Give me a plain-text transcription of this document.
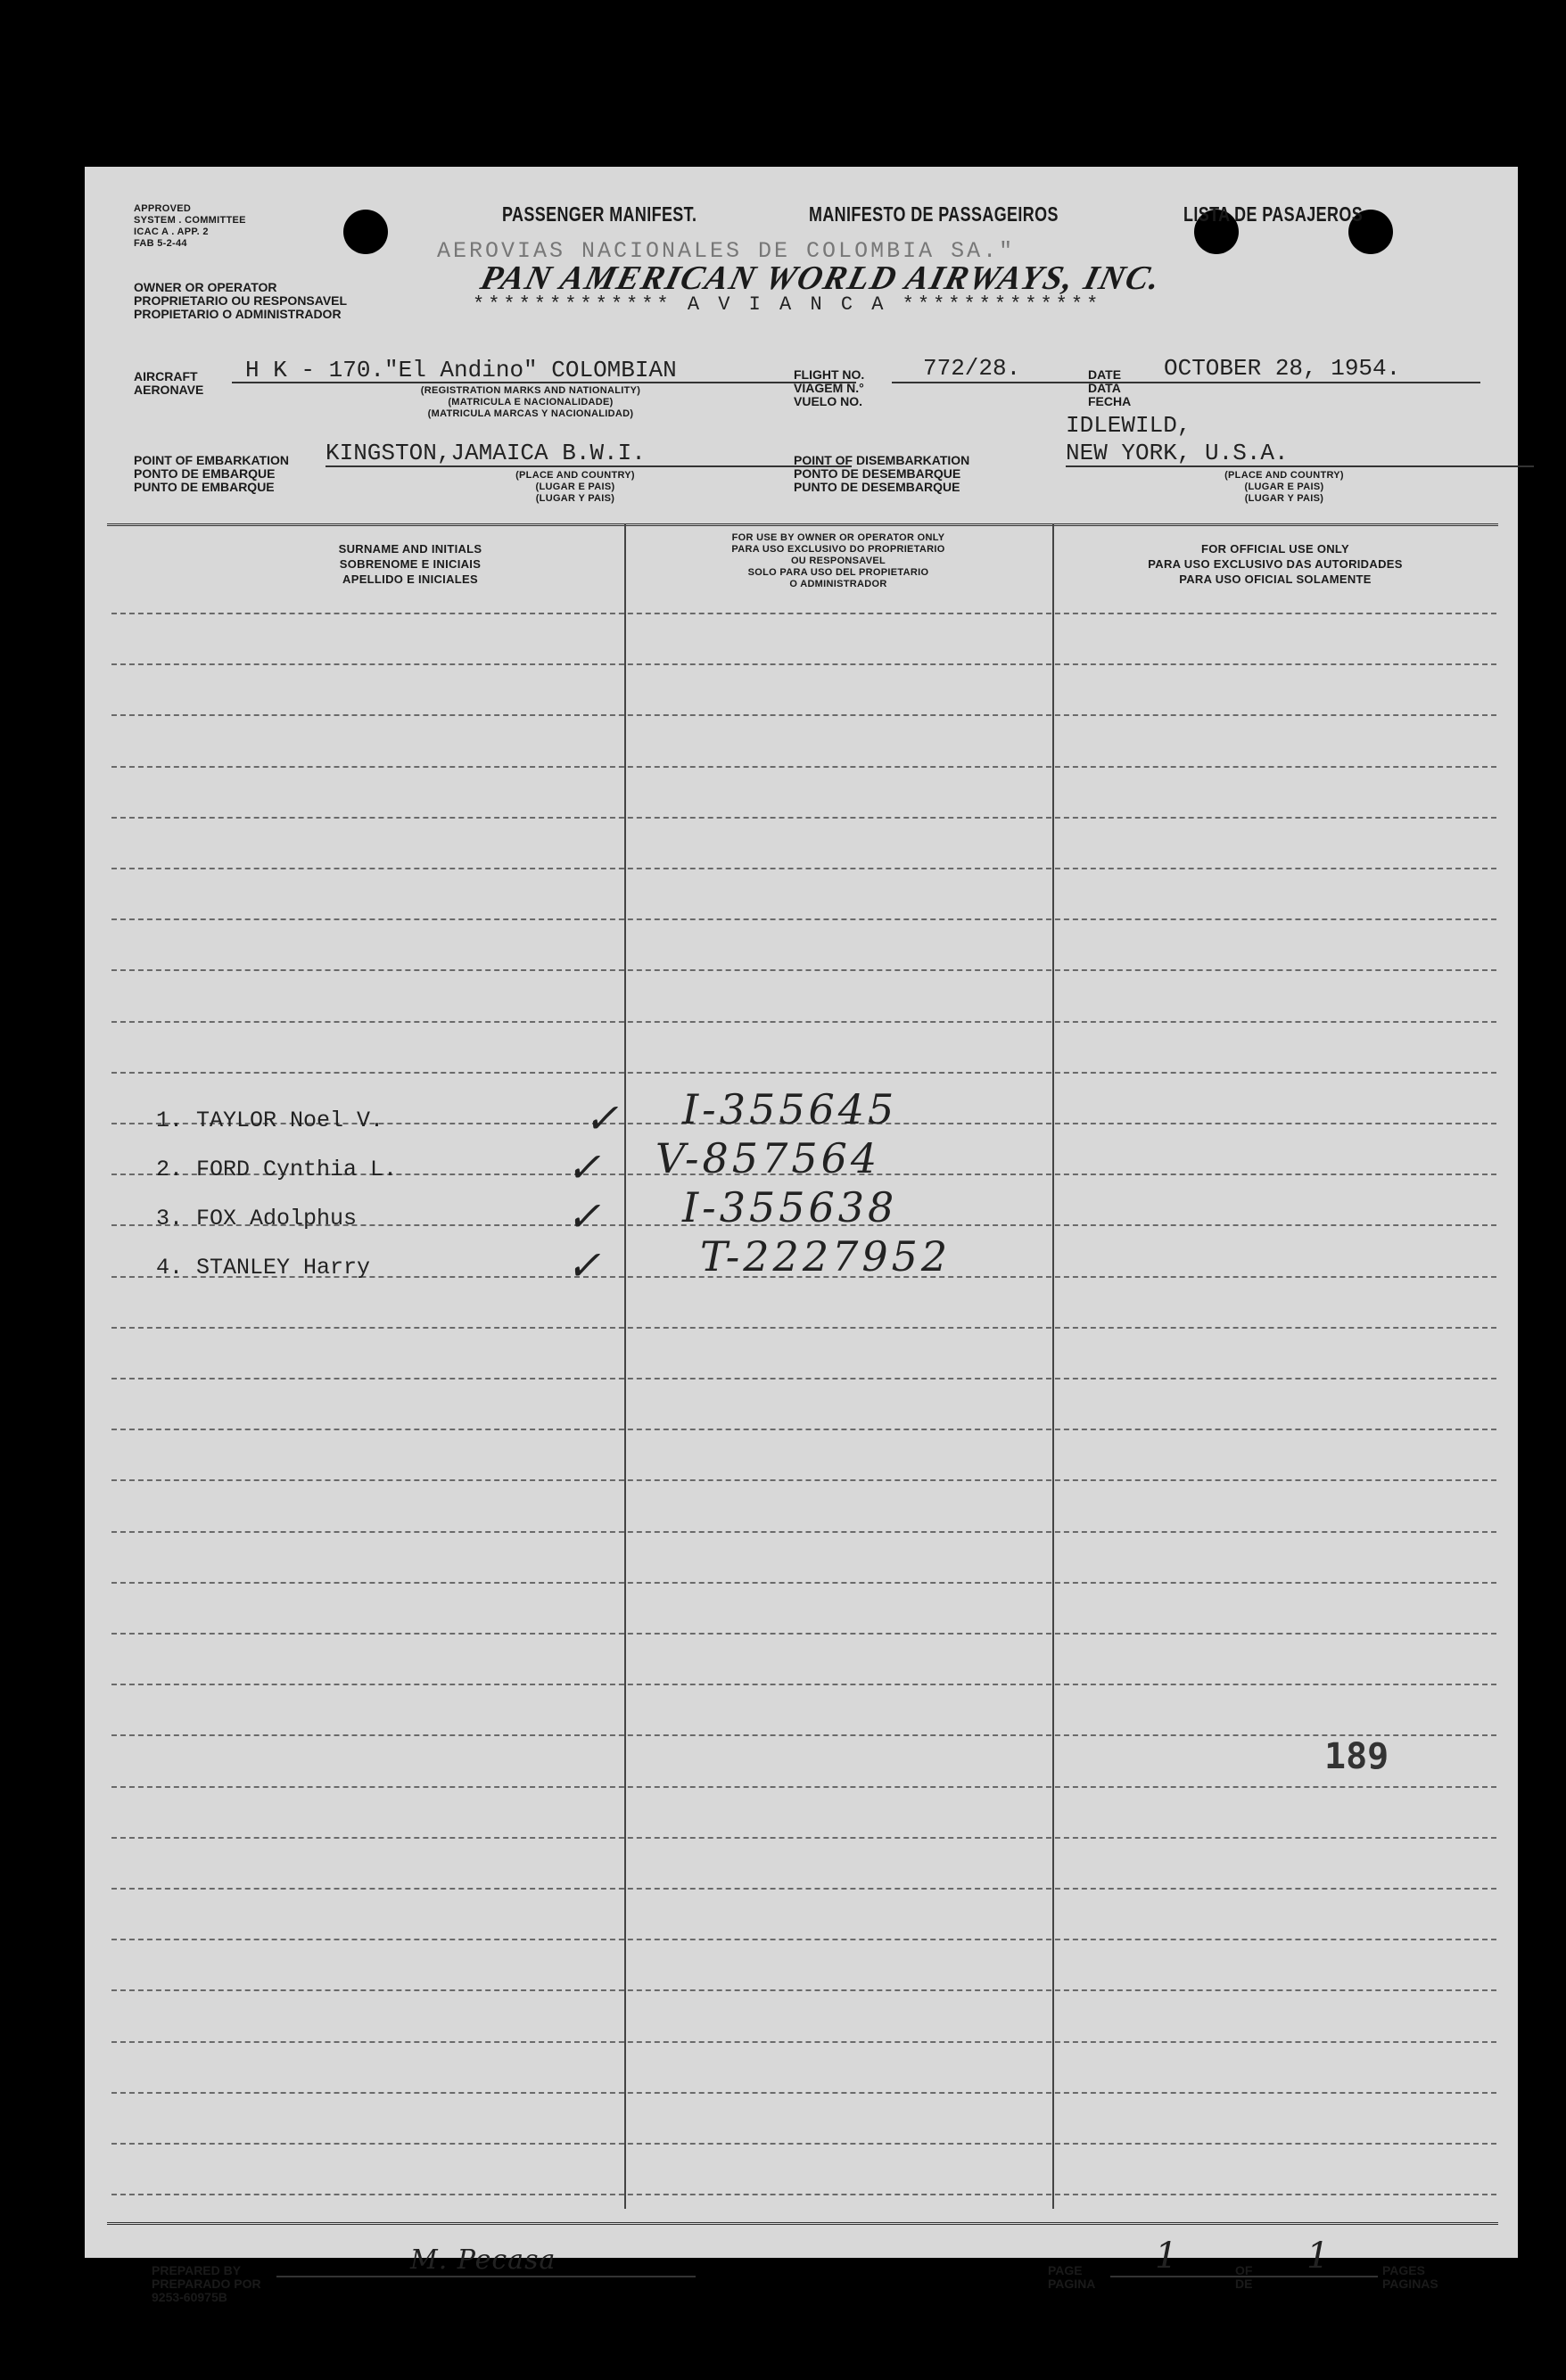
APPROVED
SYSTEM . COMMITTEE
ICAC A . APP. 2
FAB 5-2-44
PASSENGER MANIFEST.	MANIFESTO DE PASSAGEIROS	LISTA DE PASAJEROS
AEROVIAS NACIONALES DE COLOMBIA SA."
OWNER OR OPERATOR
PROPRIETARIO OU RESPONSAVEL
PROPIETARIO O ADMINISTRADOR
PAN AMERICAN WORLD AIRWAYS, INC.
************* A V I A N C A *************
AIRCRAFT
AERONAVE
H K - 170."El Andino" COLOMBIAN
(REGISTRATION MARKS AND NATIONALITY)
(MATRICULA E NACIONALIDADE)
(MATRICULA MARCAS Y NACIONALIDAD)
FLIGHT NO.
VIAGEM N.°
VUELO NO.
772/28.	DATE
DATA
FECHA
OCTOBER 28, 1954.
IDLEWILD,
POINT OF EMBARKATION
PONTO DE EMBARQUE
PUNTO DE EMBARQUE
KINGSTON,JAMAICA B.W.I.
(PLACE AND COUNTRY)
(LUGAR E PAIS)
(LUGAR Y PAIS)
POINT OF DISEMBARKATION
PONTO DE DESEMBARQUE
PUNTO DE DESEMBARQUE
NEW YORK, U.S.A.
(PLACE AND COUNTRY)
(LUGAR E PAIS)
(LUGAR Y PAIS)
SURNAME AND INITIALS
SOBRENOME E INICIAIS
APELLIDO E INICIALES
FOR USE BY OWNER OR OPERATOR ONLY
PARA USO EXCLUSIVO DO PROPRIETARIO
OU RESPONSAVEL
SOLO PARA USO DEL PROPIETARIO
O ADMINISTRADOR
FOR OFFICIAL USE ONLY
PARA USO EXCLUSIVO DAS AUTORIDADES
PARA USO OFICIAL SOLAMENTE
1. TAYLOR Noel V.	✓ I-355645
2. FORD Cynthia L.	✓ V-857564
3. FOX Adolphus	✓ I-355638
4. STANLEY Harry	✓ T-2227952
189
PREPARED BY
PREPARADO POR
9253-60975B
M. Pecasa	PAGE
PAGINA
1	OF
DE
1	PAGES
PAGINAS
